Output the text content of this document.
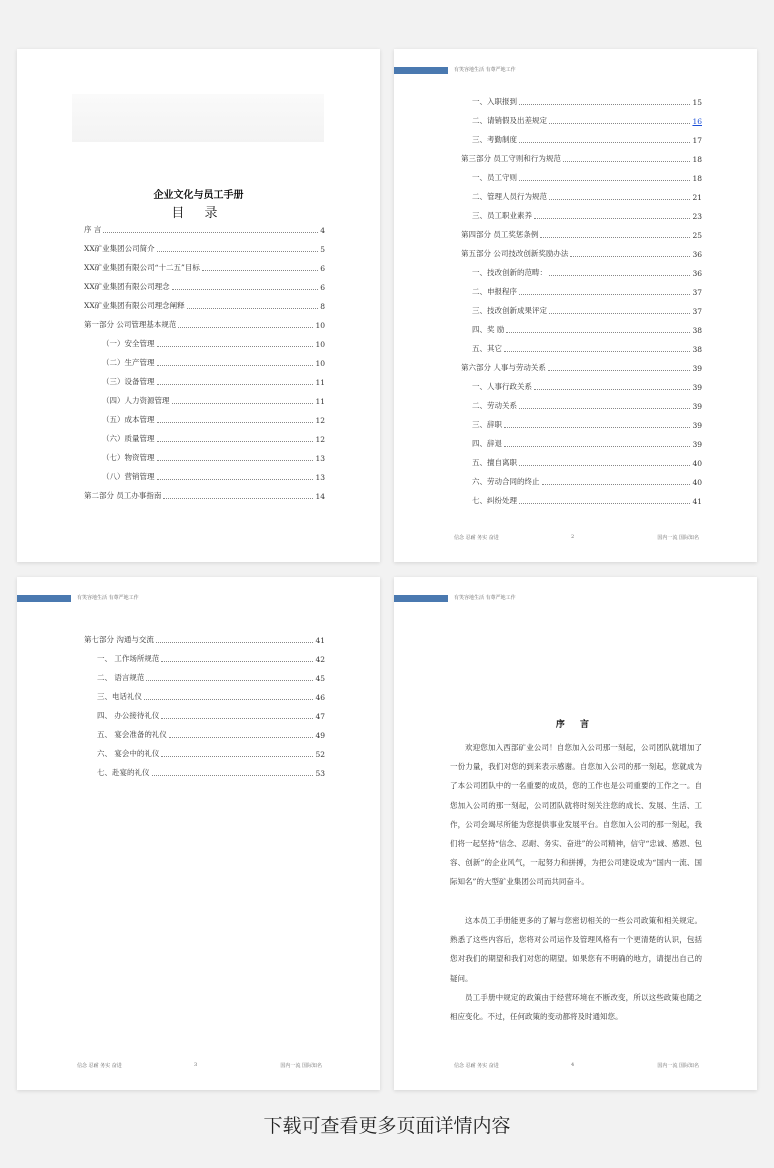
企业文化与员工手册
目 录
序 言	4
XX矿业集团公司简介	5
XX矿业集团有限公司“十二五”目标	6
XX矿业集团有限公司理念	6
XX矿业集团有限公司理念阐释	8
第一部分 公司管理基本规范	10
（一）安全管理	10
（二）生产管理	10
（三）设备管理	11
（四）人力资源管理	11
（五）成本管理	12
（六）质量管理	12
（七）物资管理	13
（八）营销管理	13
第二部分 员工办事指南	14
有笑容地生活 有尊严地工作
一、入职报到	15
二、请销假及出差规定	16
三、考勤制度	17
第三部分 员工守则和行为规范	18
一、员工守则	18
二、管理人员行为规范	21
三、员工职业素养	23
第四部分 员工奖惩条例	25
第五部分 公司技改创新奖励办法	36
一、技改创新的范畴：	36
二、申报程序	37
三、技改创新成果评定	37
四、奖 励	38
五、其它	38
第六部分 人事与劳动关系	39
一、人事行政关系	39
二、劳动关系	39
三、辞职	39
四、辞退	39
五、擅自离职	40
六、劳动合同的终止	40
七、纠纷处理	41
信念 忍耐 务实 奋进	2	国内一流 国际知名
有笑容地生活 有尊严地工作
第七部分 沟通与交流	41
一、 工作场所规范	42
二、 语言规范	45
三、电话礼仪	46
四、 办公接待礼仪	47
五、 宴会准备的礼仪	49
六、 宴会中的礼仪	52
七、赴宴的礼仪	53
信念 忍耐 务实 奋进	3	国内一流 国际知名
有笑容地生活 有尊严地工作
序 言
欢迎您加入西部矿业公司！自您加入公司那一刻起，公司团队就增加了一份力量，我们对您的到来表示感谢。自您加入公司的那一刻起，您就成为了本公司团队中的一名重要的成员，您的工作也是公司重要的工作之一。自您加入公司的那一刻起，公司团队就将时刻关注您的成长、发展、生活、工作，公司会竭尽所能为您提供事业发展平台。自您加入公司的那一刻起，我们将一起坚持“信念、忍耐、务实、奋进”的公司精神，信守“忠诚、感恩、包容、创新”的企业风气，一起努力和拼搏，为把公司建设成为“国内一流、国际知名”的大型矿业集团公司而共同奋斗。
这本员工手册能更多的了解与您密切相关的一些公司政策和相关规定。熟悉了这些内容后，您将对公司运作及管理风格有一个更清楚的认识，包括您对我们的期望和我们对您的期望。如果您有不明确的地方，请提出自己的疑问。
员工手册中规定的政策由于经营环境在不断改变，所以这些政策也随之相应变化。不过，任何政策的变动都将及时通知您。
信念 忍耐 务实 奋进	4	国内一流 国际知名
下载可查看更多页面详情内容
